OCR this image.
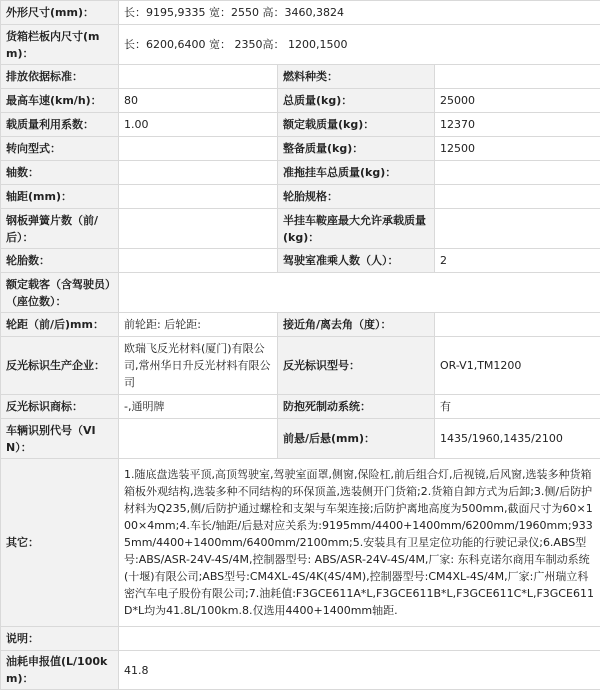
外形尺寸(mm)：	长：9195,9335 宽：2550 高：3460,3824		
货箱栏板内尺寸(mm)：	长：6200,6400 宽： 2350高： 1200,1500		
排放依据标准：		燃料种类：	
最高车速(km/h)：	80	总质量(kg)：	25000
载质量利用系数：	1.00	额定载质量(kg)：	12370
转向型式：		整备质量(kg)：	12500
轴数：		准拖挂车总质量(kg)：	
轴距(mm)：		轮胎规格：	
钢板弹簧片数（前/后）：		半挂车鞍座最大允许承载质量(kg)：	
轮胎数：		驾驶室准乘人数（人）：	2
额定载客（含驾驶员）（座位数）：			
轮距（前/后)mm：	前轮距: 后轮距:	接近角/离去角（度）：	
反光标识生产企业：	欧瑞飞反光材料(厦门)有限公司,常州华日升反光材料有限公司	反光标识型号：	OR-V1,TM1200
反光标识商标：	-,通明牌	防抱死制动系统：	有
车辆识别代号（VIN）：		前悬/后悬(mm)：	1435/1960,1435/2100
其它：	1.随底盘选装平顶,高顶驾驶室,驾驶室面罩,侧窗,保险杠,前后组合灯,后视镜,后风窗,选装多种货箱箱板外观结构,选装多种不同结构的环保顶盖,选装侧开门货箱;2.货箱自卸方式为后卸;3.侧/后防护材料为Q235,侧/后防护通过螺栓和支架与车架连接;后防护离地高度为500mm,截面尺寸为60×100×4mm;4.车长/轴距/后悬对应关系为:9195mm/4400+1400mm/6200mm/1960mm;9335mm/4400+1400mm/6400mm/2100mm;5.安装具有卫星定位功能的行驶记录仪;6.ABS型号:ABS/ASR-24V-4S/4M,控制器型号: ABS/ASR-24V-4S/4M,厂家: 东科克诺尔商用车制动系统(十堰)有限公司;ABS型号:CM4XL-4S/4K(4S/4M),控制器型号:CM4XL-4S/4M,厂家:广州瑞立科密汽车电子股份有限公司;7.油耗值:F3GCE611A*L,F3GCE611B*L,F3GCE611C*L,F3GCE611D*L均为41.8L/100km.8.仅选用4400+1400mm轴距.		
说明：			
油耗申报值(L/100km)：	41.8		
